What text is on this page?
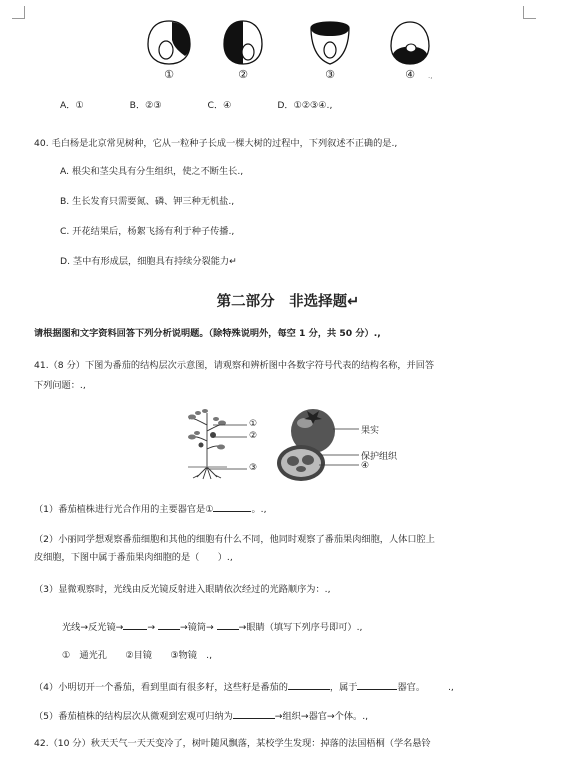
①	②	③	④	.,
A．①　　　　　B．②③　　　　　C．④　　　　　D．①②③④.,
40. 毛白杨是北京常见树种，它从一粒种子长成一棵大树的过程中，下列叙述不正确的是.,
A. 根尖和茎尖具有分生组织，使之不断生长.,
B. 生长发育只需要氮、磷、钾三种无机盐.,
C. 开花结果后，杨絮飞扬有利于种子传播.,
D. 茎中有形成层，细胞具有持续分裂能力↵
第二部分　非选择题↵
请根据图和文字资料回答下列分析说明题。（除特殊说明外，每空 1 分，共 50 分）.,
41.（8 分）下图为番茄的结构层次示意图，请观察和辨析图中各数字符号代表的结构名称，并回答
下列问题：.,
①
②
③
果实
保护组织
④
（1）番茄植株进行光合作用的主要器官是①	。.,
（2）小丽同学想观察番茄细胞和其他的细胞有什么不同，他同时观察了番茄果肉细胞，人体口腔上
皮细胞，下图中属于番茄果肉细胞的是（　　）.,
（3）显微观察时，光线由反光镜反射进入眼睛依次经过的光路顺序为：.,
光线→反光镜→	→	→镜筒→	→眼睛（填写下列序号即可）.,
①　通光孔　　②目镜　　③物镜　.,
（4）小明切开一个番茄，看到里面有很多籽，这些籽是番茄的	，属于	器官。　　　.,
（5）番茄植株的结构层次从微观到宏观可归纳为	→组织→器官→个体。.,
42.（10 分）秋天天气一天天变冷了，树叶随风飘落，某校学生发现：掉落的法国梧桐（学名悬铃
